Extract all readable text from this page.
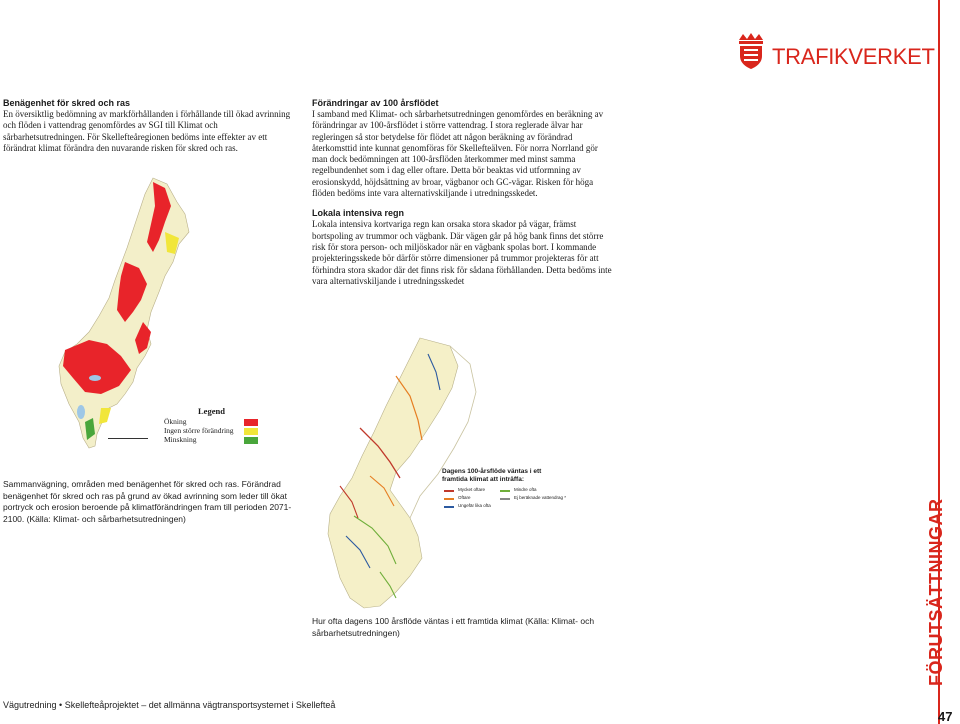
TRAFIKVERKET
Benägenhet för skred och ras
En översiktlig bedömning av markförhållanden i förhållande till ökad avrinning och flöden i vattendrag genomfördes av SGI till Klimat och sårbarhetsutredningen. För Skellefteåregionen bedöms inte effekter av ett förändrat klimat förändra den nuvarande risken för skred och ras.
Legend
Ökning
Ingen större förändring
Minskning
Sammanvägning, områden med benägenhet för skred och ras. Förändrad benägenhet för skred och ras på grund av ökad avrinning som leder till ökat portryck och erosion beroende på klimatförändringen fram till perioden 2071-2100. (Källa: Klimat- och sårbarhetsutredningen)
Förändringar av 100 årsflödet
I samband med Klimat- och sårbarhetsutredningen genomfördes en beräkning av förändringar av 100-årsflödet i större vattendrag. I stora reglerade älvar har regleringen så stor betydelse för flödet att någon beräkning av förändrad återkomsttid inte kunnat genomföras för Skellefteälven. För norra Norrland gör man dock bedömningen att 100-årsflöden återkommer med minst samma regelbundenhet som i dag eller oftare. Detta bör beaktas vid utformning av erosionskydd, höjdsättning av broar, vägbanor och GC-vägar. Risken för höga flöden bedöms inte vara alternativskiljande i utredningsskedet.
Lokala intensiva regn
Lokala intensiva kortvariga regn kan orsaka stora skador på vägar, främst bortspoling av trummor och vägbank. Där vägen går på hög bank finns det större risk för stora person- och miljöskador när en vägbank spolas bort. I kommande projekteringsskede bör därför större dimensioner på trummor projekteras för att förhindra stora skador där det finns risk för sådana förhållanden. Detta bedöms inte vara alternativskiljande i utredningsskedet
Dagens 100-årsflöde väntas i ett
framtida klimat att inträffa:
Mycket oftare	Mindre ofta
Oftare	Ej beräknade vattendrag *
Ungefär lika ofta
Hur ofta dagens 100 årsflöde väntas i ett framtida klimat (Källa: Klimat- och sårbarhetsutredningen)	FÖRUTSÄTTNINGAR
47
Vägutredning • Skellefteåprojektet – det allmänna vägtransportsystemet i Skellefteå
